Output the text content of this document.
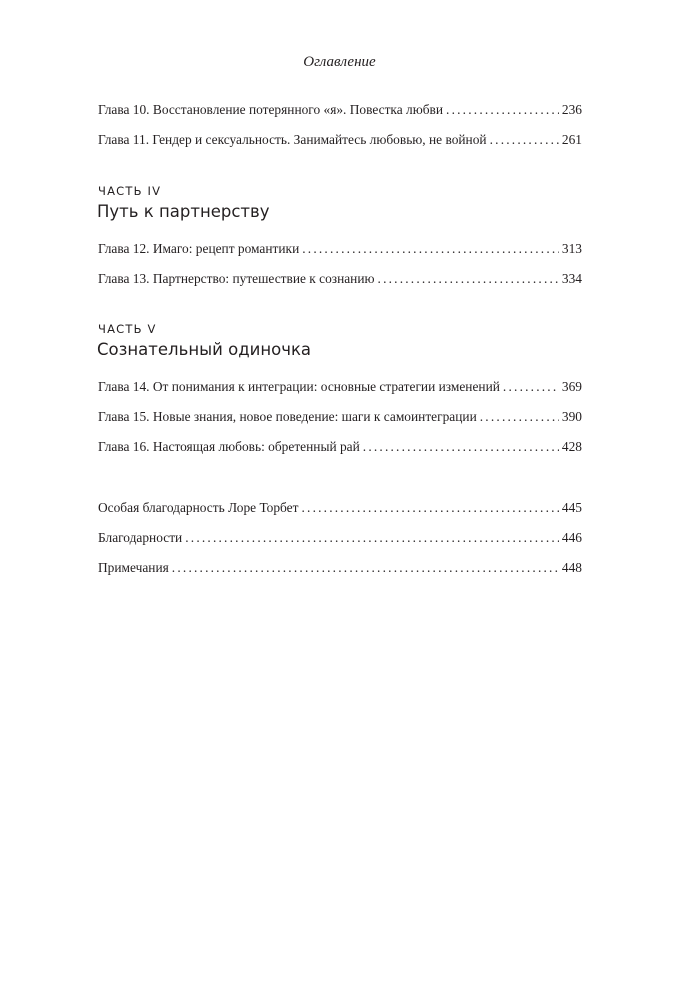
Оглавление
Глава 10. Восстановление потерянного «я». Повестка любви .....	236
Глава 11. Гендер и сексуальность. Занимайтесь любовью, не войной .....	261
ЧАСТЬ IV
Путь к партнерству
Глава 12. Имаго: рецепт романтики .....	313
Глава 13. Партнерство: путешествие к сознанию .....	334
ЧАСТЬ V
Сознательный одиночка
Глава 14. От понимания к интеграции: основные стратегии изменений .....	369
Глава 15. Новые знания, новое поведение: шаги к самоинтеграции .....	390
Глава 16. Настоящая любовь: обретенный рай .....	428
Особая благодарность Лоре Торбет .....	445
Благодарности .....	446
Примечания .....	448
